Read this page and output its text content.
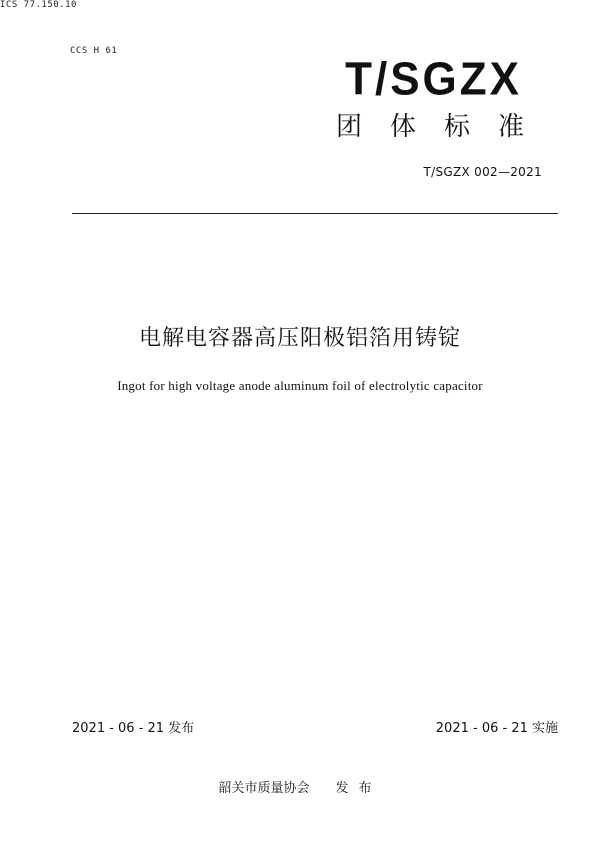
ICS 77.150.10
CCS H 61
T/SGZX
团体标准
T/SGZX 002—2021
电解电容器高压阳极铝箔用铸锭
Ingot for high voltage anode aluminum foil of electrolytic capacitor
2021 - 06 - 21 发布	2021 - 06 - 21 实施
韶关市质量协会 发布
